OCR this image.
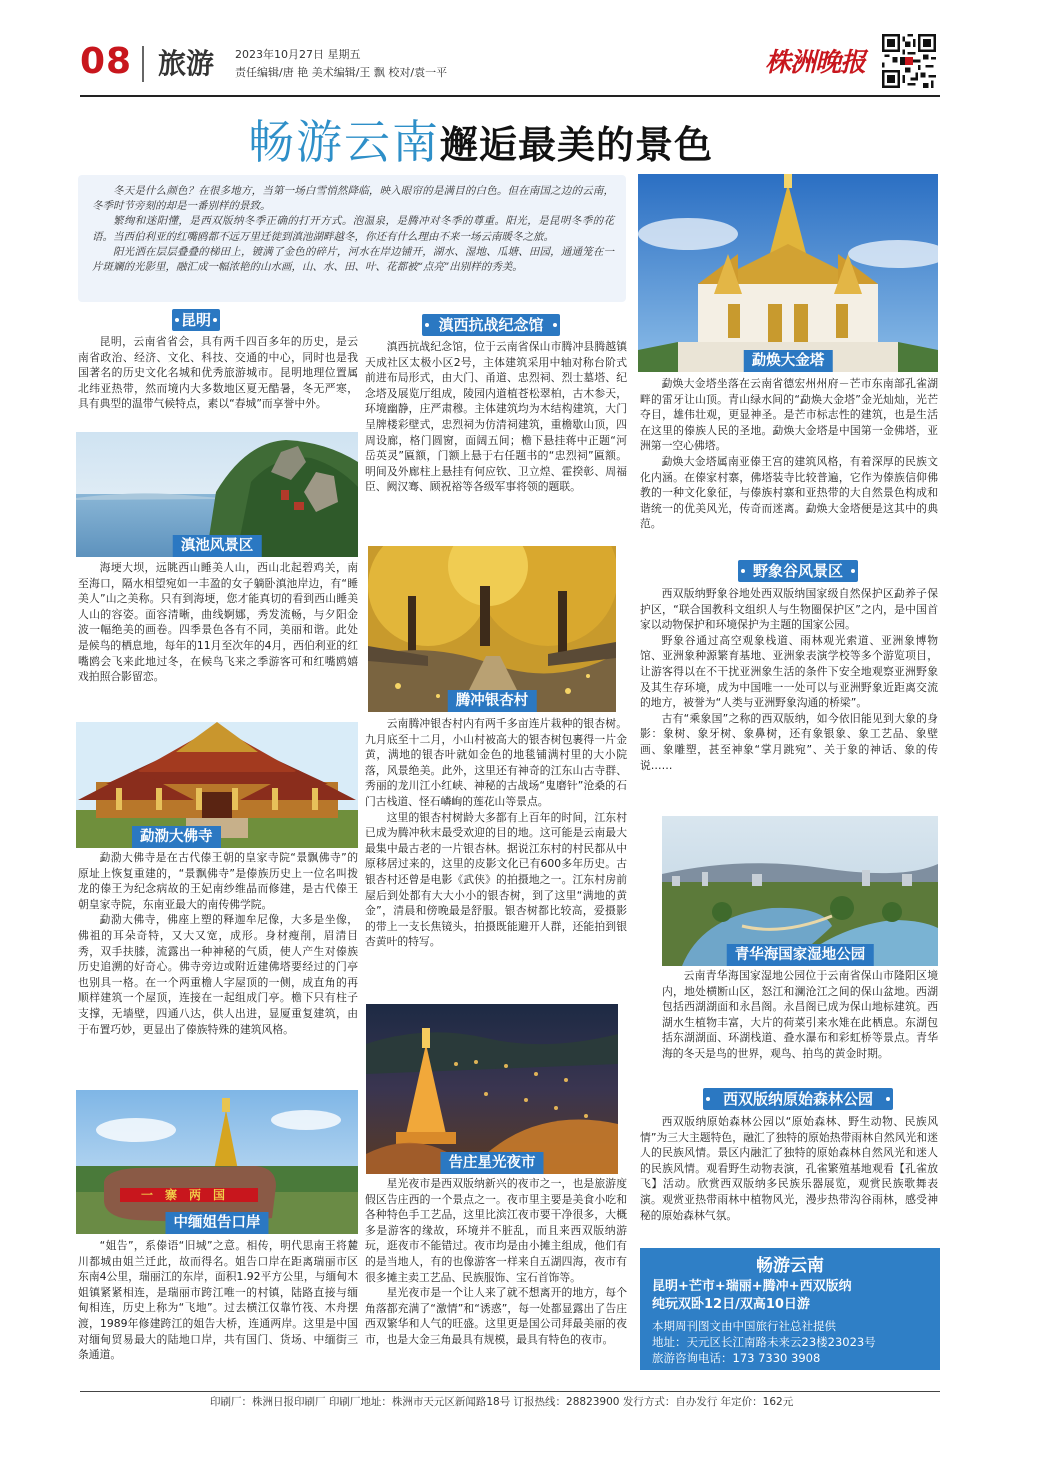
08 旅游 2023年10月27日 星期五
责任编辑/唐 艳 美术编辑/王 飘 校对/袁一平	株洲晚报
畅游云南邂逅最美的景色

冬天是什么颜色？在很多地方，当第一场白雪悄然降临，映入眼帘的是满目的白色。但在南国之边的云南，冬季时节旁刻的却是一番别样的景致。

繁绚和迷阳懂，是西双版纳冬季正确的打开方式。泡温泉，是腾冲对冬季的尊重。阳光，是昆明冬季的花语。当西伯利亚的红嘴鸥都不远万里迁徙到滇池湖畔越冬，你还有什么理由不来一场云南暖冬之旅。

阳光洒在层层叠叠的梯田上，镀满了金色的碎片，河水在岸边铺开，湖水、湿地、瓜塘、田园，通通笼在一片斑斓的光影里，融汇成一幅浓艳的山水画，山、水、田、叶、花都被“点亮”出别样的秀美。

昆明

昆明，云南省省会，具有两千四百多年的历史，是云南省政治、经济、文化、科技、交通的中心，同时也是我国著名的历史文化名城和优秀旅游城市。昆明地理位置属北纬亚热带，然而境内大多数地区夏无酷暑，冬无严寒，具有典型的温带气候特点，素以“春城”而享誉中外。

滇池风景区

海埂大坝，远眺西山睡美人山，西山北起碧鸡关，南至海口，隔水相望宛如一丰盈的女子躺卧滇池岸边，有“睡美人”山之美称。只有到海埂，您才能真切的看到西山睡美人山的容姿。面容清晰，曲线婀娜，秀发流畅，与夕阳金波一幅绝美的画卷。四季景色各有不同，美丽和谐。此处是候鸟的栖息地，每年的11月至次年的4月，西伯利亚的红嘴鸥会飞来此地过冬，在候鸟飞来之季游客可和红嘴鸥嬉戏拍照合影留恋。

勐泐大佛寺

勐泐大佛寺是在古代傣王朝的皇家寺院“景飘佛寺”的原址上恢复重建的，“景飘佛寺”是傣族历史上一位名叫拨龙的傣王为纪念病故的王妃南纱维晶而修建，是古代傣王朝皇家寺院，东南亚最大的南传佛学院。

勐泐大佛寺，佛座上塑的释迦牟尼像，大多是坐像，佛祖的耳朵奇特，又大又宽，成形。身材瘦削，眉清目秀，双手扶膝，流露出一种神秘的气质，使人产生对傣族历史追溯的好奇心。佛寺旁边或附近建佛塔要经过的门亭也别具一格。在一个两重檐人字屋顶的一侧，成直角的再顺样建筑一个屋顶，连接在一起组成门亭。檐下只有柱子支撑，无墙壁，四通八达，供人出进，显厦重复建筑，由于布置巧妙，更显出了傣族特殊的建筑风格。

一寨两国
中缅姐告口岸

“姐告”，系傣语“旧城”之意。相传，明代思南王将麓川都城由姐兰迁此，故而得名。姐告口岸在距离瑞丽市区东南4公里，瑞丽江的东岸，面积1.92平方公里，与缅甸木姐镇紧紧相连，是瑞丽市跨江唯一的村镇，陆路直接与缅甸相连，历史上称为“飞地”。过去横江仅靠竹筏、木舟摆渡，1989年修建跨江的姐告大桥，连通两岸。这里是中国对缅甸贸易最大的陆地口岸，共有国门、货场、中缅街三条通道。

滇西抗战纪念馆

滇西抗战纪念馆，位于云南省保山市腾冲县腾越镇天成社区太极小区2号，主体建筑采用中轴对称台阶式前进布局形式，由大门、甬道、忠烈祠、烈士墓塔、纪念塔及展览厅组成，陵园内道植苍松翠柏，古木参天，环境幽静，庄严肃穆。主体建筑均为木结构建筑，大门呈牌楼彩壁式，忠烈祠为仿清祠建筑，重檐歇山顶，四周设廊，格门圆窗，面阔五间；檐下悬挂蒋中正题“河岳英灵”匾额，门额上悬于右任题书的“忠烈祠”匾额。明间及外廊柱上悬挂有何应钦、卫立煌、霍揆彰、周福臣、阙汉骞、顾祝裕等各级军事将领的题联。

腾冲银杏村

云南腾冲银杏村内有两千多亩连片栽种的银杏树。九月底至十二月，小山村被高大的银杏树包裹得一片金黄，满地的银杏叶就如金色的地毯铺满村里的大小院落，风景绝美。此外，这里还有神奇的江东山古寺群、秀丽的龙川江小红峡、神秘的古战场“鬼磨针”沧桑的石门古栈道、怪石嶙峋的莲花山等景点。

这里的银杏村树龄大多都有上百年的时间，江东村已成为腾冲秋末最受欢迎的目的地。这可能是云南最大最集中最古老的一片银杏林。据说江东村的村民都从中原移居过来的，这里的皮影文化已有600多年历史。古银杏村还曾是电影《武侠》的拍摄地之一。江东村房前屋后到处都有大大小小的银杏树，到了这里“满地的黄金”，清晨和傍晚最是舒服。银杏树都比较高，爱摄影的带上一支长焦镜头，拍摄既能避开人群，还能拍到银杏黄叶的特写。

告庄星光夜市

星光夜市是西双版纳新兴的夜市之一，也是旅游度假区告庄西的一个景点之一。夜市里主要是美食小吃和各种特色手工艺品，这里比滨江夜市要干净很多，大概多是游客的缘故，环境并不脏乱，而且来西双版纳游玩，逛夜市不能错过。夜市均是由小摊主组成，他们有的是当地人，有的也像游客一样来自五湖四海，夜市有很多摊主卖工艺品、民族服饰、宝石首饰等。

星光夜市是一个让人来了就不想离开的地方，每个角落都充满了“激情”和“诱惑”，每一处都显露出了告庄西双繁华和人气的旺盛。这里更是国公司拜最美丽的夜市，也是大金三角最具有规模，最具有特色的夜市。

勐焕大金塔

勐焕大金塔坐落在云南省德宏州州府－芒市东南部孔雀湖畔的雷牙让山顶。青山绿水间的“勐焕大金塔”金光灿灿，光芒夺目，雄伟壮观，更显神圣。是芒市标志性的建筑，也是生活在这里的傣族人民的圣地。勐焕大金塔是中国第一金佛塔，亚洲第一空心佛塔。

勐焕大金塔属南亚傣王宫的建筑风格，有着深厚的民族文化内涵。在傣家村寨，佛塔装寺比较普遍，它作为傣族信仰佛教的一种文化象征，与傣族村寨和亚热带的大自然景色构成和谐统一的优美风光，传奇而迷离。勐焕大金塔便是这其中的典范。

野象谷风景区

西双版纳野象谷地处西双版纳国家级自然保护区勐养子保护区，“联合国教科文组织人与生物圈保护区”之内，是中国首家以动物保护和环境保护为主题的国家公园。

野象谷通过高空观象栈道、雨林观光索道、亚洲象博物馆、亚洲象种源繁育基地、亚洲象表演学校等多个游览项目，让游客得以在不干扰亚洲象生活的条件下安全地观察亚洲野象及其生存环境，成为中国唯一一处可以与亚洲野象近距离交流的地方，被誉为“人类与亚洲野象沟通的桥梁”。

古有“乘象国”之称的西双版纳，如今依旧能见到大象的身影：象树、象牙树、象鼻树，还有象银象、象工艺品、象壁画、象雕塑，甚至神象“掌月跳宛”、关于象的神话、象的传说……

青华海国家湿地公园

云南青华海国家湿地公园位于云南省保山市隆阳区境内，地处横断山区，怒江和澜沧江之间的保山盆地。西湖包括西湖湖面和永昌阁。永昌阁已成为保山地标建筑。西湖水生植物丰富，大片的荷菜引来水雉在此栖息。东湖包括东湖湖面、环湖栈道、叠水瀑布和彩虹桥等景点。青华海的冬天是鸟的世界，观鸟、拍鸟的黄金时期。

西双版纳原始森林公园

西双版纳原始森林公园以“原始森林、野生动物、民族风情”为三大主题特色，融汇了独特的原始热带雨林自然风光和迷人的民族风情。景区内融汇了独特的原始森林自然风光和迷人的民族风情。观看野生动物表演，孔雀繁殖基地观看【孔雀放飞】活动。欣赏西双版纳多民族乐器展览，观赏民族歌舞表演。观赏亚热带雨林中植物风光，漫步热带沟谷雨林，感受神秘的原始森林气氛。

畅游云南
昆明+芒市+瑞丽+腾冲+西双版纳
纯玩双卧12日/双高10日游
本期周刊图文由中国旅行社总社提供
地址：天元区长江南路未来云23楼23023号
旅游咨询电话：173 7330 3908
印刷厂：株洲日报印刷厂 印刷厂地址：株洲市天元区新闻路18号 订报热线：28823900 发行方式：自办发行 年定价：162元
